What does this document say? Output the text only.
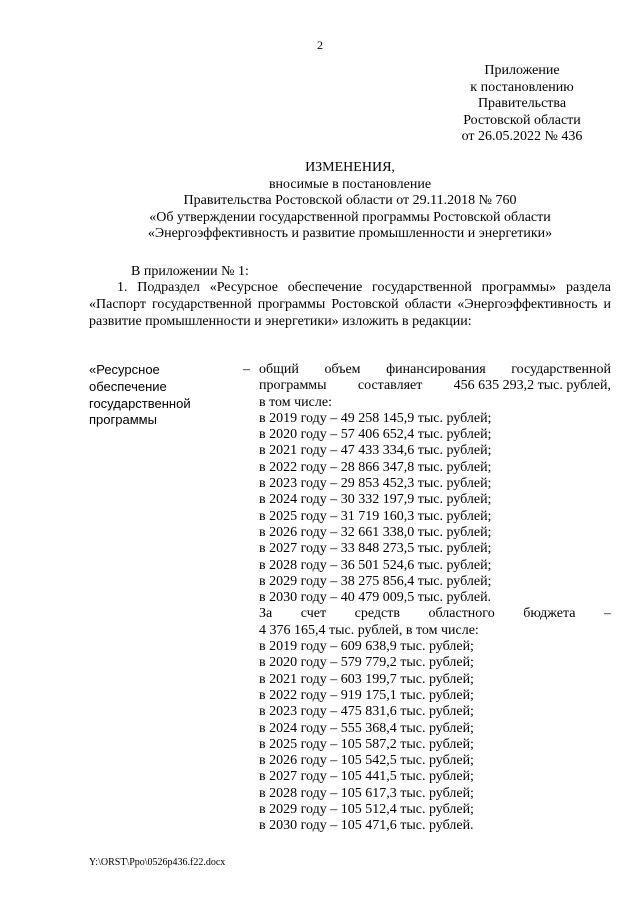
2
Приложение
к постановлению
Правительства
Ростовской области
от 26.05.2022 № 436
ИЗМЕНЕНИЯ,
вносимые в постановление
Правительства Ростовской области от 29.11.2018 № 760
«Об утверждении государственной программы Ростовской области
«Энергоэффективность и развитие промышленности и энергетики»
В приложении № 1:

1. Подраздел «Ресурсное обеспечение государственной программы» раздела «Паспорт государственной программы Ростовской области «Энергоэффективность и развитие промышленности и энергетики» изложить в редакции:

«Ресурсное
обеспечение
государственной
программы
– общий объем финансирования государственной
программы составляет 456 635 293,2 тыс. рублей,
в том числе:
в 2019 году – 49 258 145,9 тыс. рублей;
в 2020 году – 57 406 652,4 тыс. рублей;
в 2021 году – 47 433 334,6 тыс. рублей;
в 2022 году – 28 866 347,8 тыс. рублей;
в 2023 году – 29 853 452,3 тыс. рублей;
в 2024 году – 30 332 197,9 тыс. рублей;
в 2025 году – 31 719 160,3 тыс. рублей;
в 2026 году – 32 661 338,0 тыс. рублей;
в 2027 году – 33 848 273,5 тыс. рублей;
в 2028 году – 36 501 524,6 тыс. рублей;
в 2029 году – 38 275 856,4 тыс. рублей;
в 2030 году – 40 479 009,5 тыс. рублей.
За счет средств областного бюджета –
4 376 165,4 тыс. рублей, в том числе:
в 2019 году – 609 638,9 тыс. рублей;
в 2020 году – 579 779,2 тыс. рублей;
в 2021 году – 603 199,7 тыс. рублей;
в 2022 году – 919 175,1 тыс. рублей;
в 2023 году – 475 831,6 тыс. рублей;
в 2024 году – 555 368,4 тыс. рублей;
в 2025 году – 105 587,2 тыс. рублей;
в 2026 году – 105 542,5 тыс. рублей;
в 2027 году – 105 441,5 тыс. рублей;
в 2028 году – 105 617,3 тыс. рублей;
в 2029 году – 105 512,4 тыс. рублей;
в 2030 году – 105 471,6 тыс. рублей.
Y:\ORST\Ppo\0526p436.f22.docx
